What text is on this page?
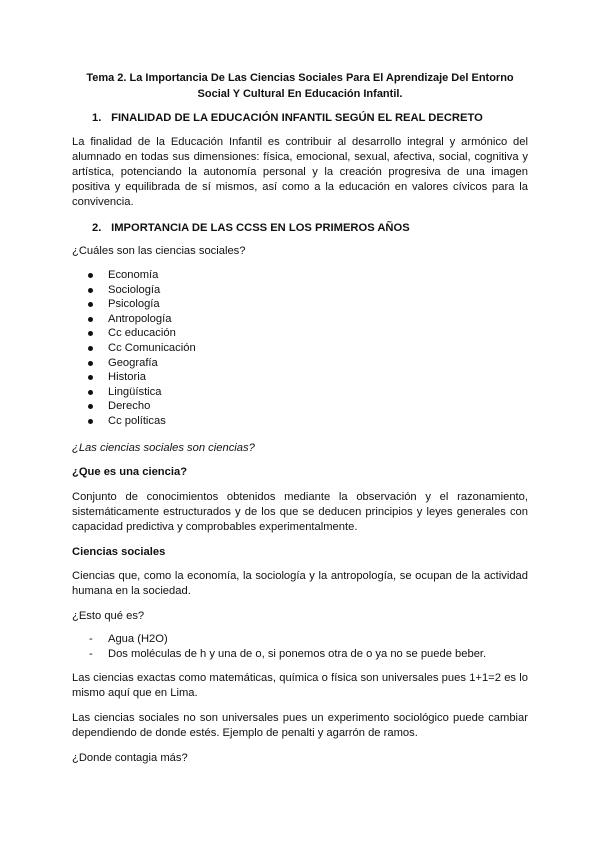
Tema 2. La Importancia De Las Ciencias Sociales Para El Aprendizaje Del Entorno Social Y Cultural En Educación Infantil.
1. FINALIDAD DE LA EDUCACIÓN INFANTIL SEGÚN EL REAL DECRETO
La finalidad de la Educación Infantil es contribuir al desarrollo integral y armónico del alumnado en todas sus dimensiones: física, emocional, sexual, afectiva, social, cognitiva y artística, potenciando la autonomía personal y la creación progresiva de una imagen positiva y equilibrada de sí mismos, así como a la educación en valores cívicos para la convivencia.
2. IMPORTANCIA DE LAS CCSS EN LOS PRIMEROS AÑOS
¿Cuáles son las ciencias sociales?
Economía
Sociología
Psicología
Antropología
Cc educación
Cc Comunicación
Geografía
Historia
Lingüística
Derecho
Cc políticas
¿Las ciencias sociales son ciencias?
¿Que es una ciencia?
Conjunto de conocimientos obtenidos mediante la observación y el razonamiento, sistemáticamente estructurados y de los que se deducen principios y leyes generales con capacidad predictiva y comprobables experimentalmente.
Ciencias sociales
Ciencias que, como la economía, la sociología y la antropología, se ocupan de la actividad humana en la sociedad.
¿Esto qué es?
- Agua (H2O)
- Dos moléculas de h y una de o, si ponemos otra de o ya no se puede beber.
Las ciencias exactas como matemáticas, química o física son universales pues 1+1=2 es lo mismo aquí que en Lima.
Las ciencias sociales no son universales pues un experimento sociológico puede cambiar dependiendo de donde estés. Ejemplo de penalti y agarrón de ramos.
¿Donde contagia más?
